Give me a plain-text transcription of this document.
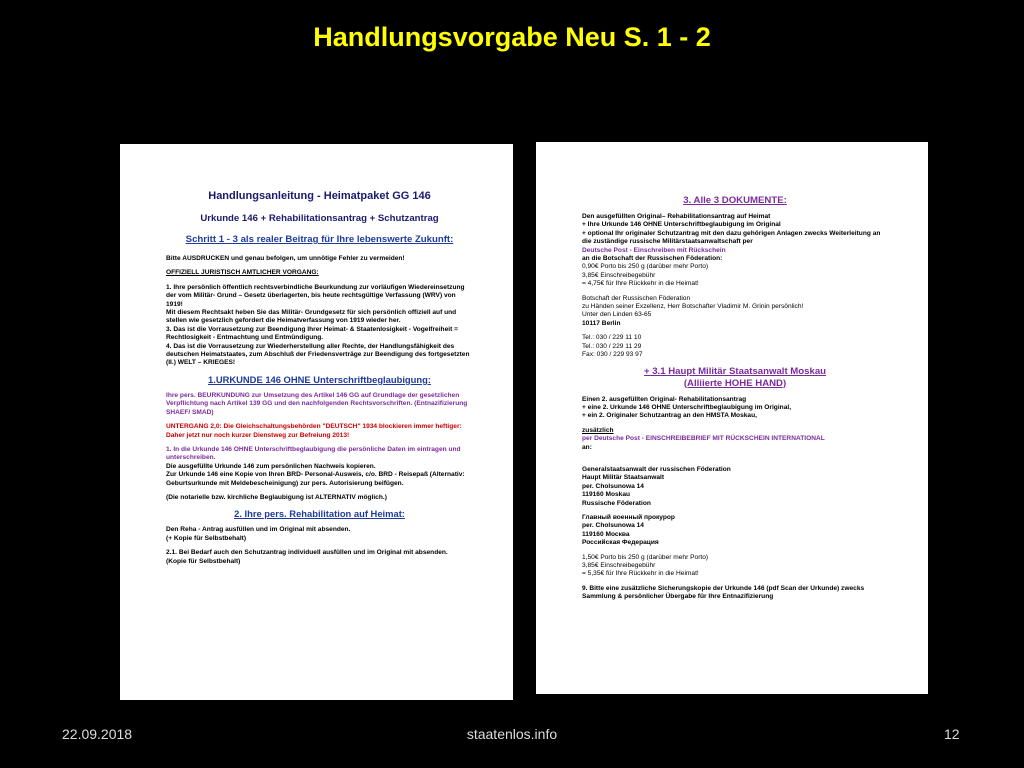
Handlungsvorgabe Neu S. 1 - 2
Handlungsanleitung - Heimatpaket GG 146
Urkunde 146 + Rehabilitationsantrag + Schutzantrag
Schritt 1 - 3 als realer Beitrag für Ihre lebenswerte Zukunft:

Bitte AUSDRUCKEN und genau befolgen, um unnötige Fehler zu vermeiden!

OFFIZIELL JURISTISCH AMTLICHER VORGANG:

1. Ihre persönlich öffentlich rechtsverbindliche Beurkundung zur vorläufigen Wiedereinsetzung der vom Militär- Grund – Gesetz überlagerten, bis heute rechtsgültige Verfassung (WRV) von 1919!

Mit diesem Rechtsakt heben Sie das Militär- Grundgesetz für sich persönlich offiziell auf und stellen wie gesetzlich gefordert die Heimatverfassung von 1919 wieder her.

3. Das ist die Vorrausetzung zur Beendigung Ihrer Heimat- & Staatenlosigkeit - Vogelfreiheit = Rechtlosigkeit - Entmachtung und Entmündigung.

4. Das ist die Vorrausetzung zur Wiederherstellung aller Rechte, der Handlungsfähigkeit des deutschen Heimatstaates, zum Abschluß der Friedensverträge zur Beendigung des fortgesetzten (II.) WELT – KRIEGES!

1.URKUNDE 146 OHNE Unterschriftbeglaubigung:

Ihre pers. BEURKUNDUNG zur Umsetzung des Artikel 146 GG auf Grundlage der gesetzlichen Verpflichtung nach Artikel 139 GG und den nachfolgenden Rechtsvorschriften. (Entnazifizierung SHAEF/ SMAD)

UNTERGANG 2,0: Die Gleichschaltungsbehörden "DEUTSCH" 1934 blockieren immer heftiger: Daher jetzt nur noch kurzer Dienstweg zur Befreiung 2013!

1. In die Urkunde 146 OHNE Unterschriftbeglaubigung die persönliche Daten im eintragen und unterschreiben.

Die ausgefüllte Urkunde 146 zum persönlichen Nachweis kopieren.

Zur Urkunde 146 eine Kopie von Ihren BRD- Personal-Ausweis, c/o. BRD - Reisepaß (Alternativ: Geburtsurkunde mit Meldebescheinigung) zur pers. Autorisierung beifügen.

(Die notarielle bzw. kirchliche Beglaubigung ist ALTERNATIV möglich.)

2. Ihre pers. Rehabilitation auf Heimat:

Den Reha - Antrag ausfüllen und im Original mit absenden.

(+ Kopie für Selbstbehalt)

2.1. Bei Bedarf auch den Schutzantrag individuell ausfüllen und im Original mit absenden.

(Kopie für Selbstbehalt)

3. Alle 3 DOKUMENTE:

Den ausgefüllten Original– Rehabilitationsantrag auf Heimat

+ Ihre Urkunde 146 OHNE Unterschriftbeglaubigung im Original

+ optional Ihr originaler Schutzantrag mit den dazu gehörigen Anlagen zwecks Weiterleitung an die zuständige russische Militärstaatsanwaltschaft per

Deutsche Post - Einschreiben mit Rückschein

an die Botschaft der Russischen Föderation:

0,90€ Porto bis 250 g (darüber mehr Porto)

3,85€ Einschreibegebühr

= 4,75€ für Ihre Rückkehr in die Heimat!

Botschaft der Russischen Föderation

zu Händen seiner Exzellenz, Herr Botschafter Vladimir M. Grinin persönlich!

Unter den Linden 63-65

10117 Berlin

Tel.: 030 / 229 11 10

Tel.: 030 / 229 11 29

Fax: 030 / 229 93 97

+ 3.1 Haupt Militär Staatsanwalt Moskau
(Alliierte HOHE HAND)

Einen 2. ausgefüllten Original- Rehabilitationsantrag

+ eine 2. Urkunde 146 OHNE Unterschriftbeglaubigung im Original,

+ ein 2. Originaler Schutzantrag an den HMSTA Moskau,

zusätzlich

per Deutsche Post - EINSCHREIBEBRIEF MIT RÜCKSCHEIN INTERNATIONAL

an:

Generalstaatsanwalt der russischen Föderation

Haupt Militär Staatsanwalt

per. Cholsunowa 14

119160 Moskau

Russische Föderation

Главный военный прокурор

per. Cholsunowa 14

119160 Москва

Российская Федерация

1,50€ Porto bis 250 g (darüber mehr Porto)

3,85€ Einschreibegebühr

= 5,35€ für Ihre Rückkehr in die Heimat!

9. Bitte eine zusätzliche Sicherungskopie der Urkunde 146 (pdf Scan der Urkunde) zwecks Sammlung & persönlicher Übergabe für Ihre Entnazifizierung

22.09.2018	staatenlos.info	12
